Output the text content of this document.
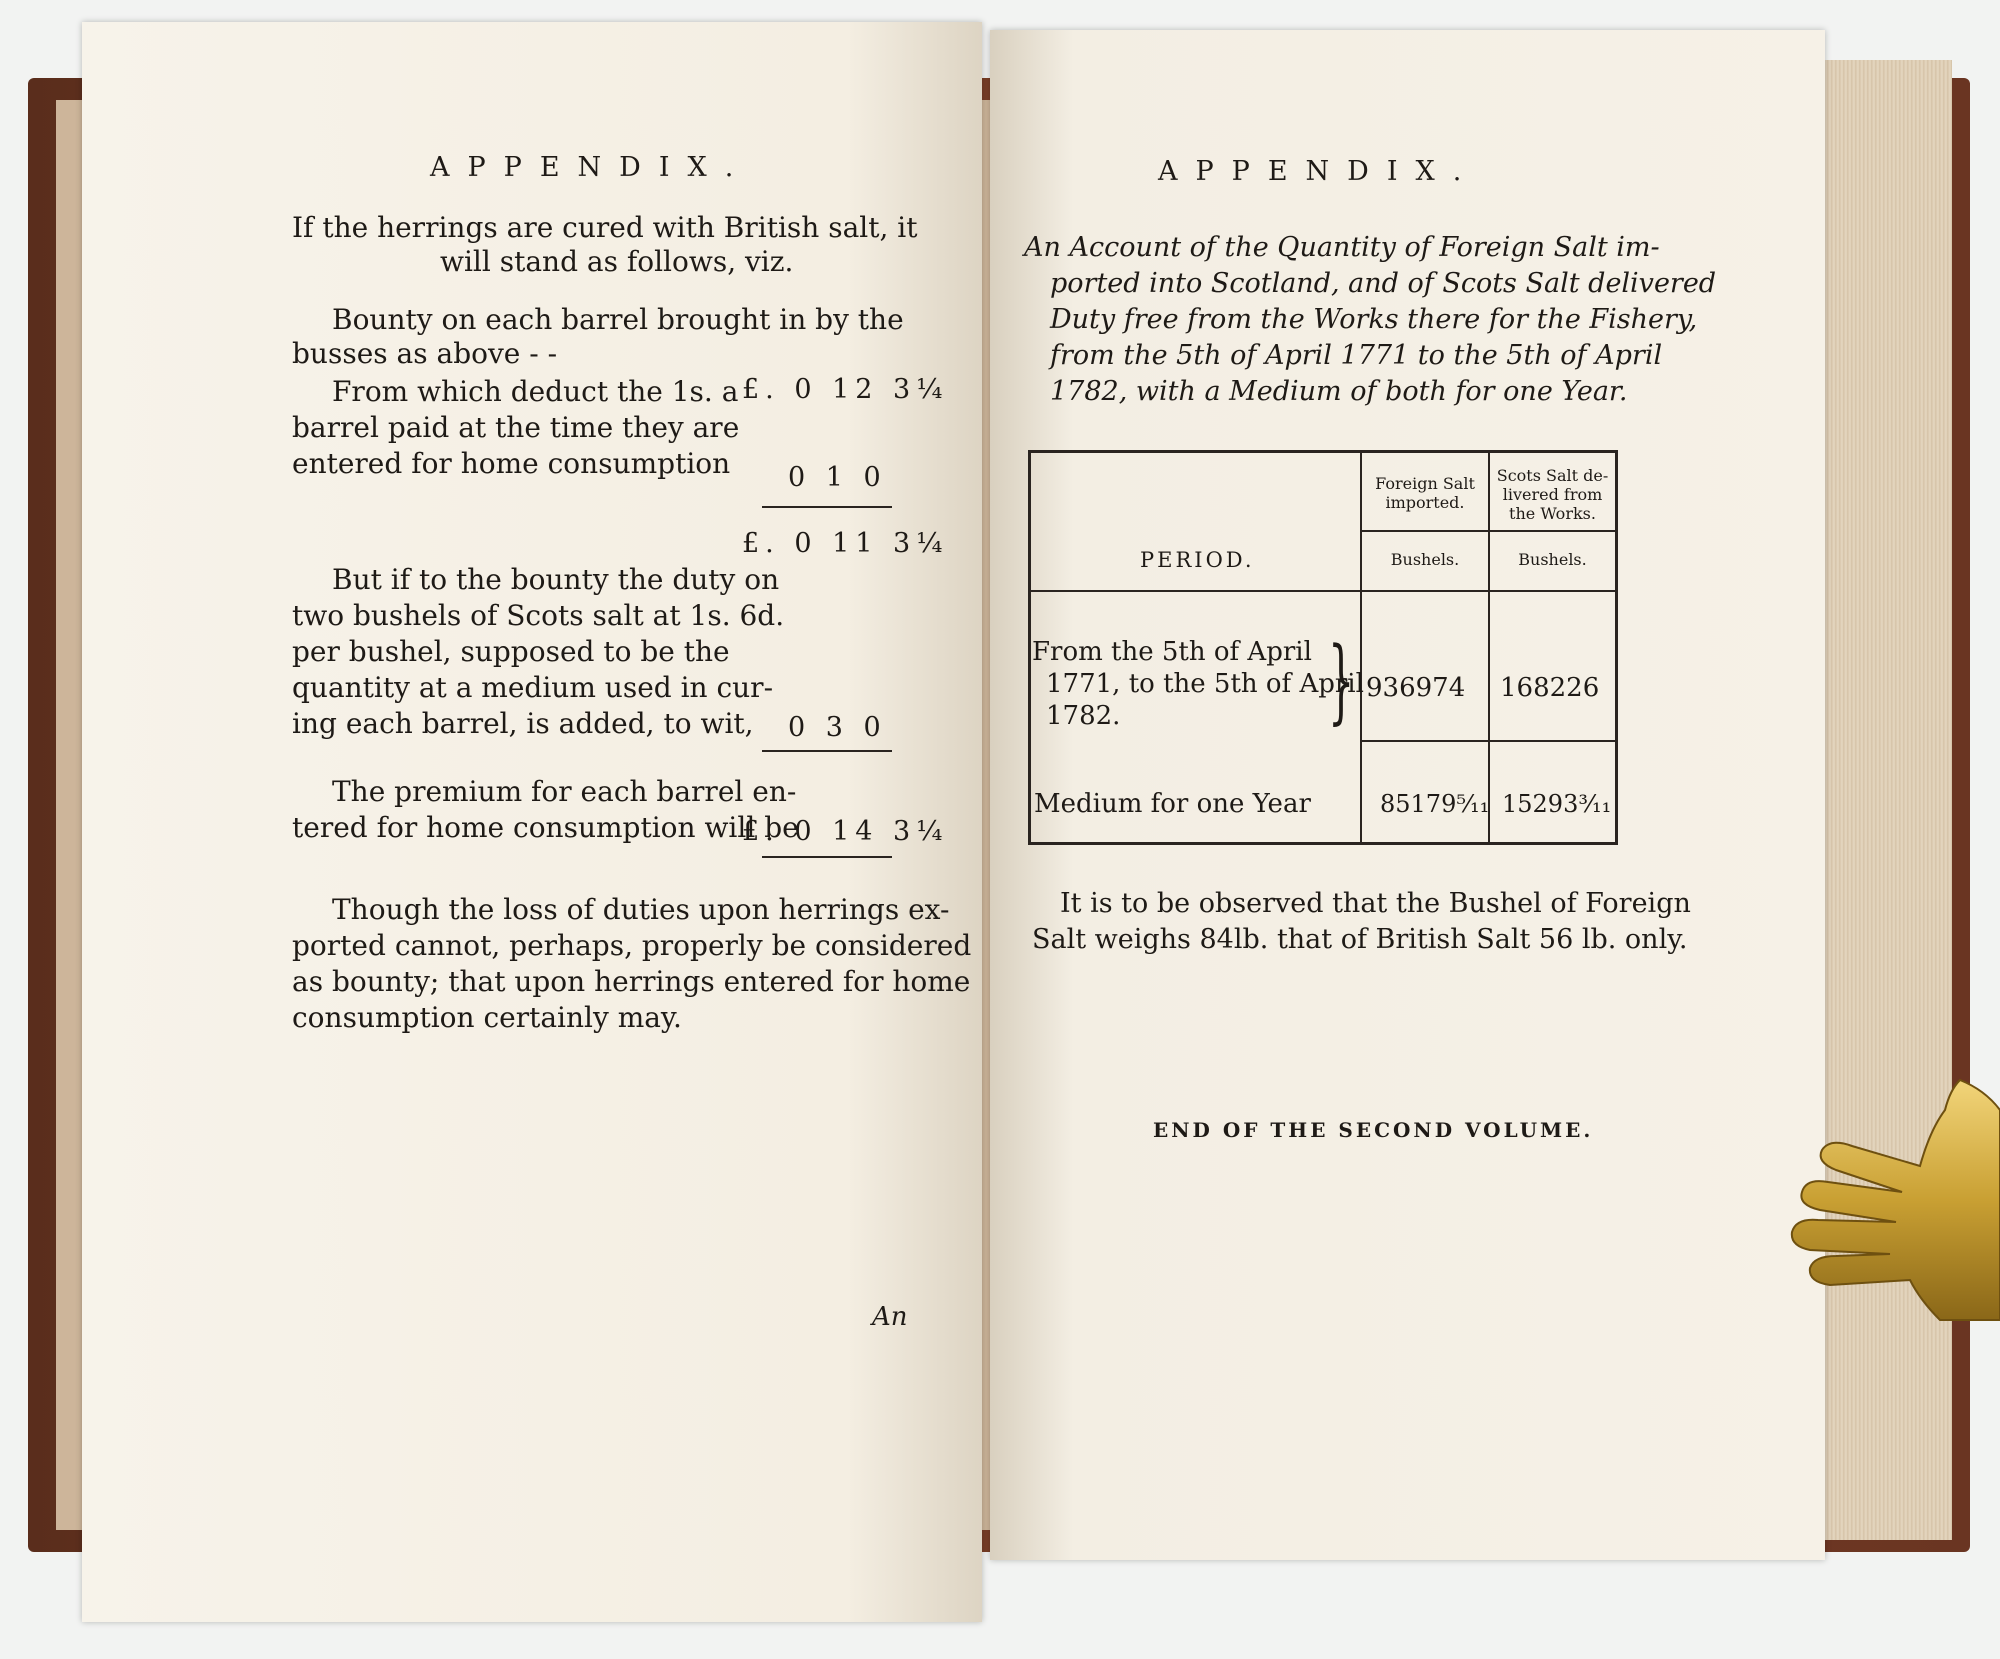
APPENDIX.
If the herrings are cured with British salt, it
will stand as follows, viz.
Bounty on each barrel brought in by the
busses as above - -
£. 0 12 3¼
From which deduct the 1s. a
barrel paid at the time they are
entered for home consumption 0 1 0
£. 0 11 3¼
But if to the bounty the duty on
two bushels of Scots salt at 1s. 6d.
per bushel, supposed to be the
quantity at a medium used in cur-
ing each barrel, is added, to wit, 0 3 0
The premium for each barrel en-
tered for home consumption will be
£. 0 14 3¼
Though the loss of duties upon herrings ex-
ported cannot, perhaps, properly be considered
as bounty; that upon herrings entered for home
consumption certainly may.
An
APPENDIX.
An Account of the Quantity of Foreign Salt im-
ported into Scotland, and of Scots Salt delivered
Duty free from the Works there for the Fishery,
from the 5th of April 1771 to the 5th of April
1782, with a Medium of both for one Year.
PERIOD.
Foreign Salt
imported.
Scots Salt de-
livered from
the Works.
Bushels.	Bushels.
From the 5th of April
1771, to the 5th of April
1782. } 936974 168226
Medium for one Year	85179⁵⁄₁₁ 15293³⁄₁₁
It is to be observed that the Bushel of Foreign
Salt weighs 84lb. that of British Salt 56 lb. only.
END OF THE SECOND VOLUME.
